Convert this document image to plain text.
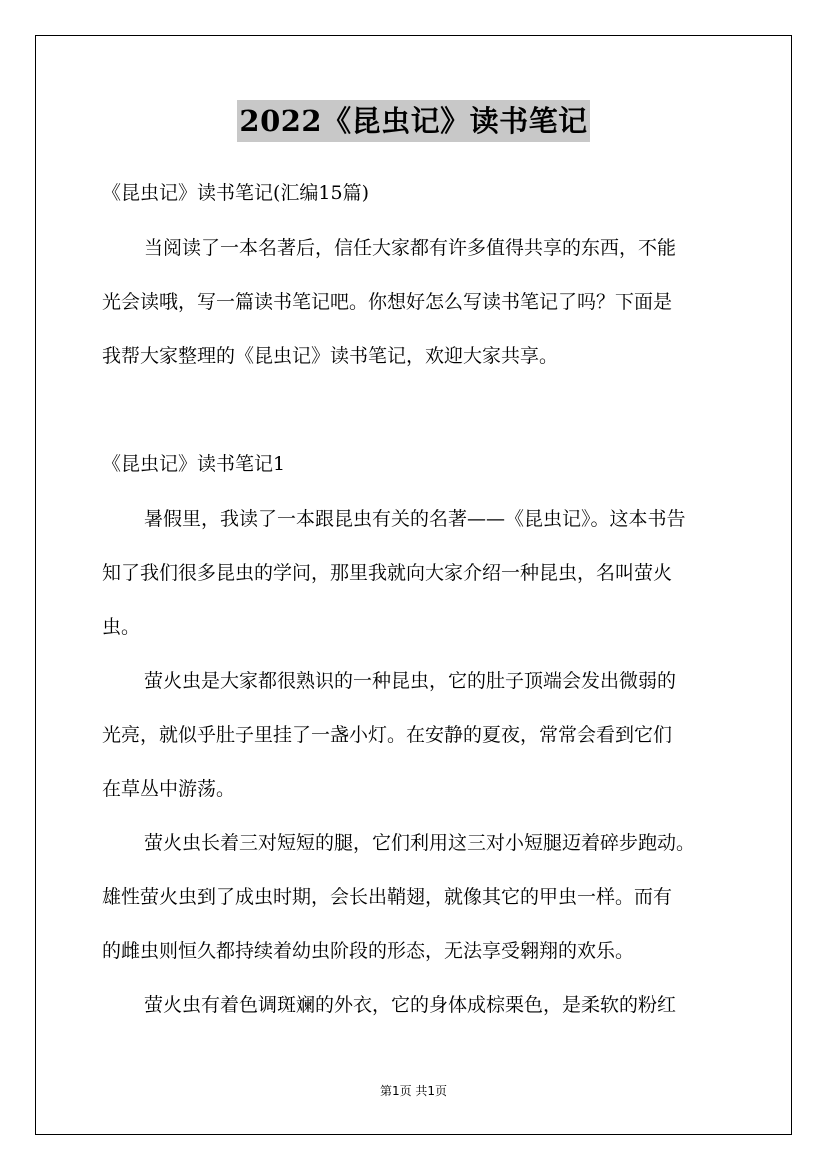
2022《昆虫记》读书笔记
《昆虫记》读书笔记(汇编15篇)
当阅读了一本名著后，信任大家都有许多值得共享的东西，不能
光会读哦，写一篇读书笔记吧。你想好怎么写读书笔记了吗？下面是
我帮大家整理的《昆虫记》读书笔记，欢迎大家共享。
《昆虫记》读书笔记1
暑假里，我读了一本跟昆虫有关的名著——《昆虫记》。这本书告
知了我们很多昆虫的学问，那里我就向大家介绍一种昆虫，名叫萤火
虫。
萤火虫是大家都很熟识的一种昆虫，它的肚子顶端会发出微弱的
光亮，就似乎肚子里挂了一盏小灯。在安静的夏夜，常常会看到它们
在草丛中游荡。
萤火虫长着三对短短的腿，它们利用这三对小短腿迈着碎步跑动。
雄性萤火虫到了成虫时期，会长出鞘翅，就像其它的甲虫一样。而有
的雌虫则恒久都持续着幼虫阶段的形态，无法享受翱翔的欢乐。
萤火虫有着色调斑斓的外衣，它的身体成棕栗色，是柔软的粉红
第1页 共1页
